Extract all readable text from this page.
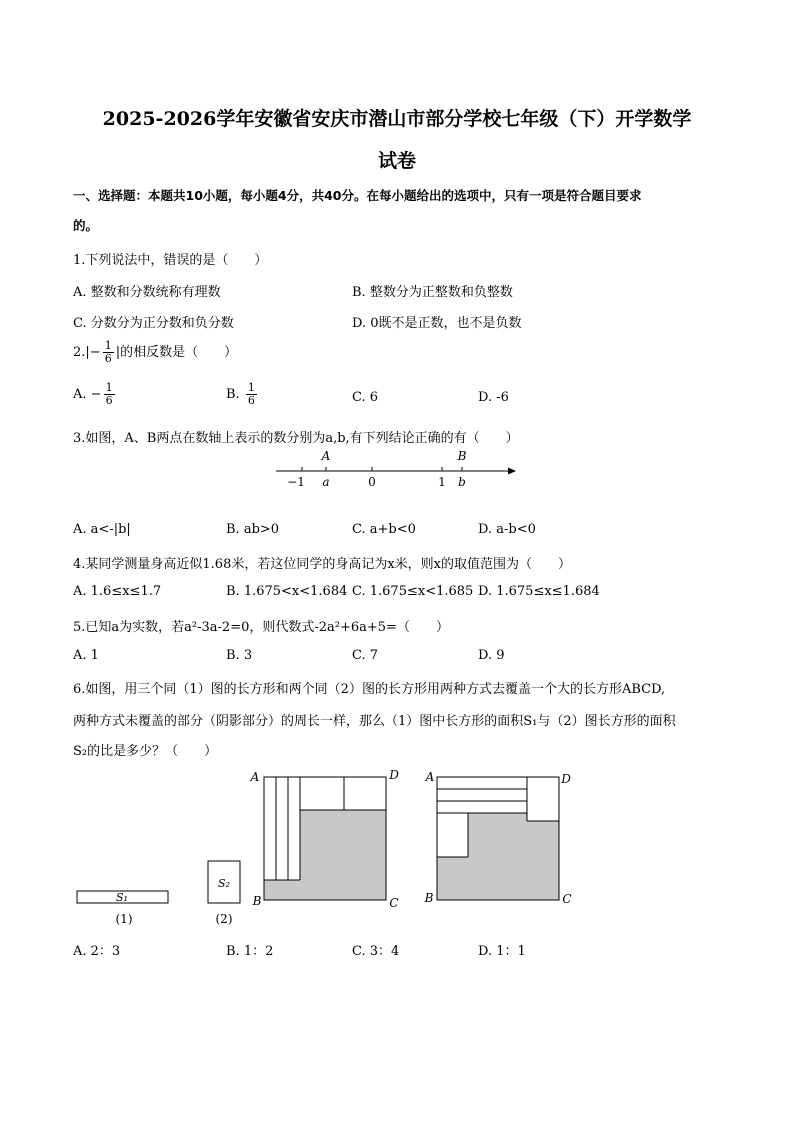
2025-2026学年安徽省安庆市潜山市部分学校七年级（下）开学数学
试卷
一、选择题：本题共10小题，每小题4分，共40分。在每小题给出的选项中，只有一项是符合题目要求
的。
1.下列说法中，错误的是（　　）
A. 整数和分数统称有理数	B. 整数分为正整数和负整数
C. 分数分为正分数和负分数	D. 0既不是正数，也不是负数
$2.|- \frac{1}{6}$ |的相反数是（　　）
A. − $\frac{1}{6}$	B. $\frac{1}{6}$	C. 6	D. -6
3.如图，A、B两点在数轴上表示的数分别为a,b,有下列结论正确的有（　　）
A	B
−1 a	0	1 b
A. a<-|b|	B. ab>0	C. a+b<0	D. a-b<0
4.某同学测量身高近似1.68米，若这位同学的身高记为x米，则x的取值范围为（　　）
A. 1.6≤x≤1.7	B. 1.675<x<1.684 C. 1.675≤x<1.685 D. 1.675≤x≤1.684
5.已知a为实数，若a²-3a-2=0，则代数式-2a²+6a+5=（　　）
A. 1	B. 3	C. 7	D. 9
6.如图，用三个同（1）图的长方形和两个同（2）图的长方形用两种方式去覆盖一个大的长方形ABCD,
两种方式未覆盖的部分（阴影部分）的周长一样，那么（1）图中长方形的面积S₁与（2）图长方形的面积
S₂的比是多少？（　　）
S₁
(1)
S₂
(2)
A	D
B	C
A	D
B	C
A. 2：3	B. 1：2	C. 3：4	D. 1：1
